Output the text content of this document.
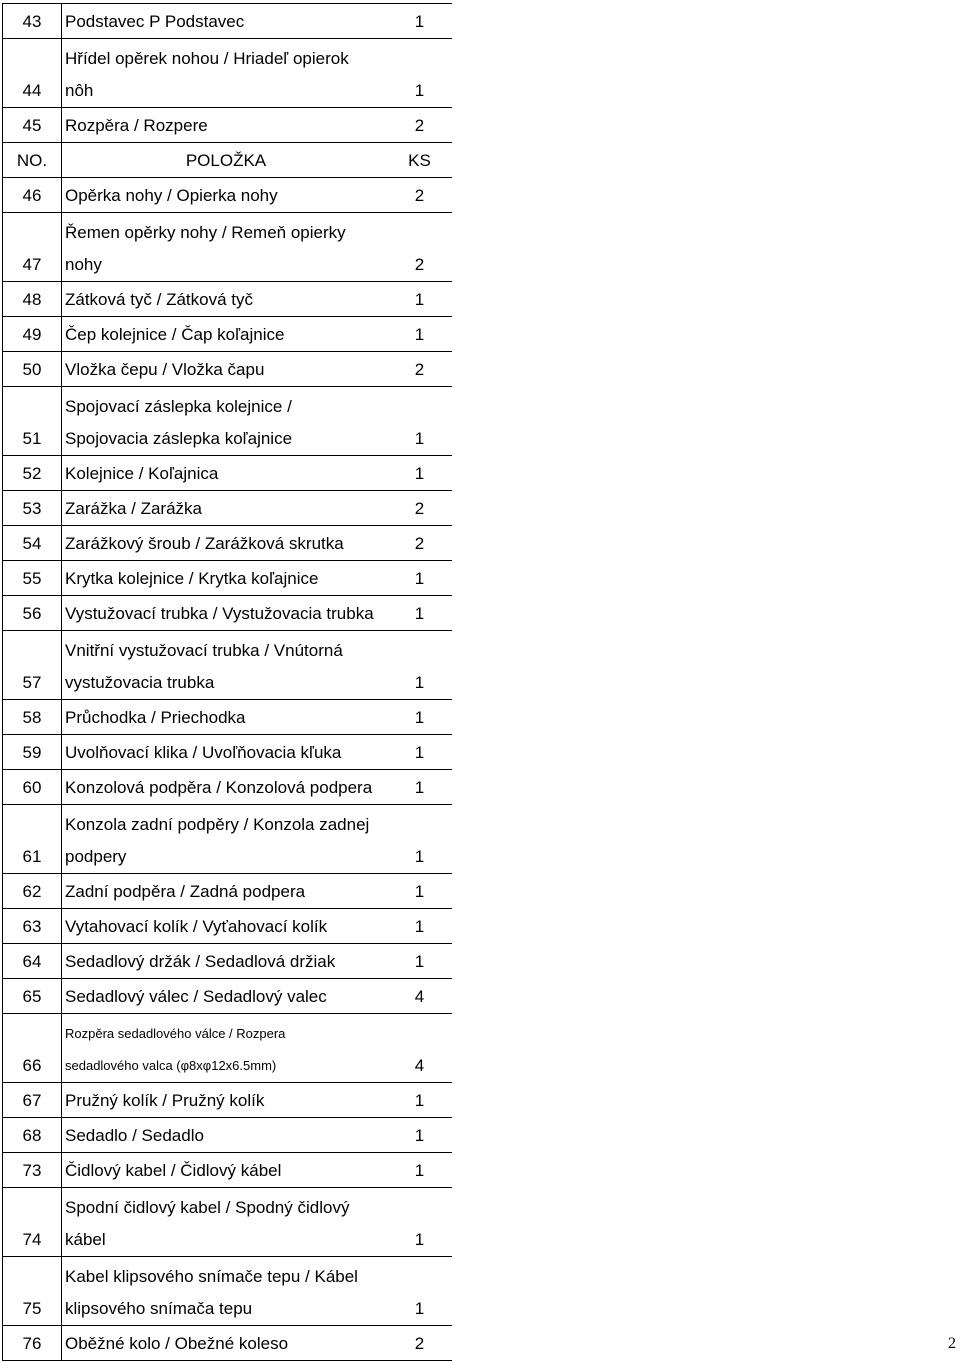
43	Podstavec P Podstavec	1
44	Hřídel opěrek nohou / Hriadeľ opierok
nôh	1
45	Rozpěra / Rozpere	2
NO.	POLOŽKA	KS
46	Opěrka nohy / Opierka nohy	2
47	Řemen opěrky nohy / Remeň opierky
nohy	2
48	Zátková tyč / Zátková tyč	1
49	Čep kolejnice / Čap koľajnice	1
50	Vložka čepu / Vložka čapu	2
51	Spojovací záslepka kolejnice /
Spojovacia záslepka koľajnice	1
52	Kolejnice / Koľajnica	1
53	Zarážka / Zarážka	2
54	Zarážkový šroub / Zarážková skrutka	2
55	Krytka kolejnice / Krytka koľajnice	1
56	Vystužovací trubka / Vystužovacia trubka	1
57	Vnitřní vystužovací trubka / Vnútorná
vystužovacia trubka	1
58	Průchodka / Priechodka	1
59	Uvolňovací klika / Uvoľňovacia kľuka	1
60	Konzolová podpěra / Konzolová podpera	1
61	Konzola zadní podpěry / Konzola zadnej
podpery	1
62	Zadní podpěra / Zadná podpera	1
63	Vytahovací kolík / Vyťahovací kolík	1
64	Sedadlový držák / Sedadlová držiak	1
65	Sedadlový válec / Sedadlový valec	4
66	Rozpěra sedadlového válce / Rozpera
sedadlového valca (φ8xφ12x6.5mm)	4
67	Pružný kolík / Pružný kolík	1
68	Sedadlo / Sedadlo	1
73	Čidlový kabel / Čidlový kábel	1
74	Spodní čidlový kabel / Spodný čidlový
kábel	1
75	Kabel klipsového snímače tepu / Kábel
klipsového snímača tepu	1
76	Oběžné kolo / Obežné koleso	2	2
